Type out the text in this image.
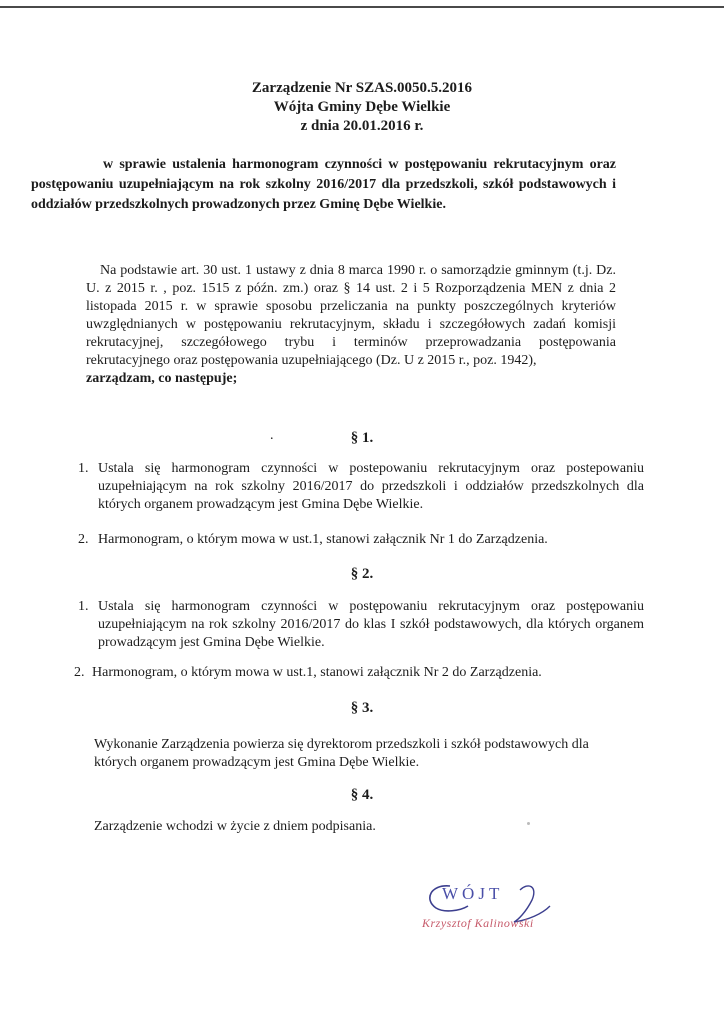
Zarządzenie Nr SZAS.0050.5.2016
Wójta Gminy Dębe Wielkie
z dnia 20.01.2016 r.
w sprawie ustalenia harmonogram czynności w postępowaniu rekrutacyjnym oraz postępowaniu uzupełniającym na rok szkolny 2016/2017 dla przedszkoli, szkół podstawowych i oddziałów przedszkolnych prowadzonych przez Gminę Dębe Wielkie.
Na podstawie art. 30 ust. 1 ustawy z dnia 8 marca 1990 r. o samorządzie gminnym (t.j. Dz. U. z 2015 r. , poz. 1515 z późn. zm.) oraz § 14 ust. 2 i 5 Rozporządzenia MEN z dnia 2 listopada 2015 r. w sprawie sposobu przeliczania na punkty poszczególnych kryteriów uwzględnianych w postępowaniu rekrutacyjnym, składu i szczegółowych zadań komisji rekrutacyjnej, szczegółowego trybu i terminów przeprowadzania postępowania rekrutacyjnego oraz postępowania uzupełniającego (Dz. U z 2015 r., poz. 1942),
zarządzam, co następuje;
.	§ 1.
1. Ustala się harmonogram czynności w postepowaniu rekrutacyjnym oraz postepowaniu uzupełniającym na rok szkolny 2016/2017 do przedszkoli i oddziałów przedszkolnych dla których organem prowadzącym jest Gmina Dębe Wielkie.
2. Harmonogram, o którym mowa w ust.1, stanowi załącznik Nr 1 do Zarządzenia.
§ 2.
1. Ustala się harmonogram czynności w postępowaniu rekrutacyjnym oraz postępowaniu uzupełniającym na rok szkolny 2016/2017 do klas I szkół podstawowych, dla których organem prowadzącym jest Gmina Dębe Wielkie.
2. Harmonogram, o którym mowa w ust.1, stanowi załącznik Nr 2 do Zarządzenia.
§ 3.
Wykonanie Zarządzenia powierza się dyrektorom przedszkoli i szkół podstawowych dla których organem prowadzącym jest Gmina Dębe Wielkie.
§ 4.
Zarządzenie wchodzi w życie z dniem podpisania.
WÓJT
Krzysztof Kalinowski
